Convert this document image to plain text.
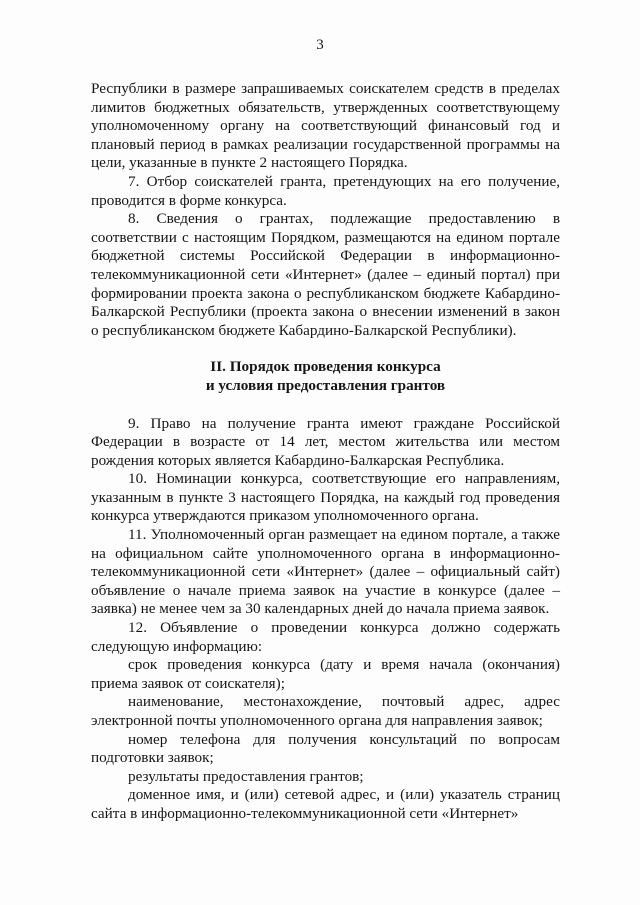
3

Республики в размере запрашиваемых соискателем средств в пределах лимитов бюджетных обязательств, утвержденных соответствующему уполномоченному органу на соответствующий финансовый год и плановый период в рамках реализации государственной программы на цели, указанные в пункте 2 настоящего Порядка.

7. Отбор соискателей гранта, претендующих на его получение, проводится в форме конкурса.

8. Сведения о грантах, подлежащие предоставлению в соответствии с настоящим Порядком, размещаются на едином портале бюджетной системы Российской Федерации в информационно-телекоммуникационной сети «Интернет» (далее – единый портал) при формировании проекта закона о республиканском бюджете Кабардино-Балкарской Республики (проекта закона о внесении изменений в закон о республиканском бюджете Кабардино-Балкарской Республики).

II. Порядок проведения конкурса
и условия предоставления грантов

9. Право на получение гранта имеют граждане Российской Федерации в возрасте от 14 лет, местом жительства или местом рождения которых является Кабардино-Балкарская Республика.

10. Номинации конкурса, соответствующие его направлениям, указанным в пункте 3 настоящего Порядка, на каждый год проведения конкурса утверждаются приказом уполномоченного органа.

11. Уполномоченный орган размещает на едином портале, а также на официальном сайте уполномоченного органа в информационно-телекоммуникационной сети «Интернет» (далее – официальный сайт) объявление о начале приема заявок на участие в конкурсе (далее – заявка) не менее чем за 30 календарных дней до начала приема заявок.

12. Объявление о проведении конкурса должно содержать следующую информацию:

срок проведения конкурса (дату и время начала (окончания) приема заявок от соискателя);

наименование, местонахождение, почтовый адрес, адрес электронной почты уполномоченного органа для направления заявок;

номер телефона для получения консультаций по вопросам подготовки заявок;

результаты предоставления грантов;

доменное имя, и (или) сетевой адрес, и (или) указатель страниц сайта в информационно-телекоммуникационной сети «Интернет»
